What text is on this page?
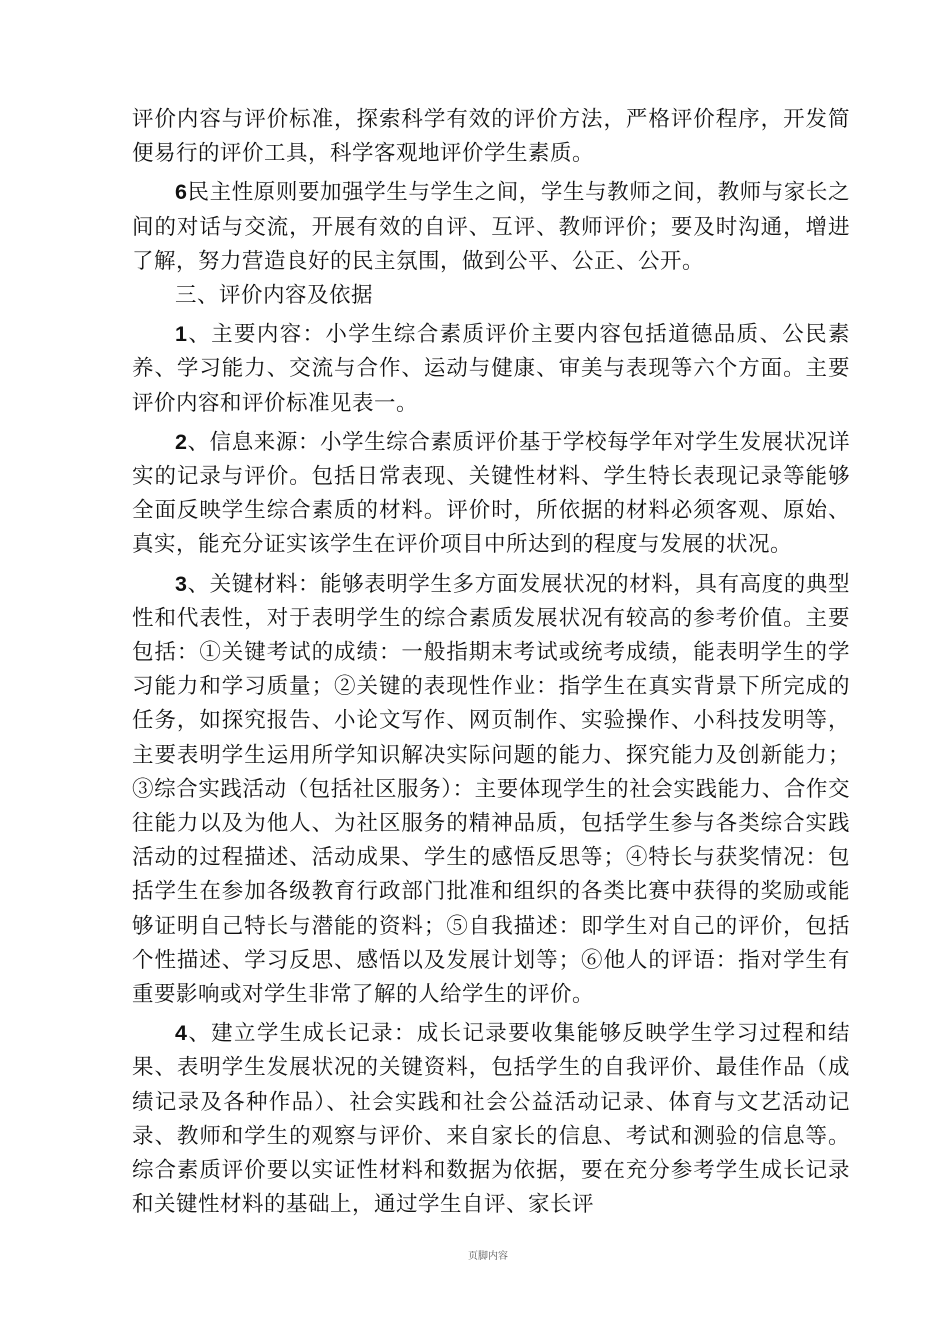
评价内容与评价标准，探索科学有效的评价方法，严格评价程序，开发简便易行的评价工具，科学客观地评价学生素质。

6民主性原则要加强学生与学生之间，学生与教师之间，教师与家长之间的对话与交流，开展有效的自评、互评、教师评价；要及时沟通，增进了解，努力营造良好的民主氛围，做到公平、公正、公开。

三、评价内容及依据

1、主要内容：小学生综合素质评价主要内容包括道德品质、公民素养、学习能力、交流与合作、运动与健康、审美与表现等六个方面。主要评价内容和评价标准见表一。

2、信息来源：小学生综合素质评价基于学校每学年对学生发展状况详实的记录与评价。包括日常表现、关键性材料、学生特长表现记录等能够全面反映学生综合素质的材料。评价时，所依据的材料必须客观、原始、真实，能充分证实该学生在评价项目中所达到的程度与发展的状况。

3、关键材料：能够表明学生多方面发展状况的材料，具有高度的典型性和代表性，对于表明学生的综合素质发展状况有较高的参考价值。主要包括：①关键考试的成绩：一般指期末考试或统考成绩，能表明学生的学习能力和学习质量；②关键的表现性作业：指学生在真实背景下所完成的任务，如探究报告、小论文写作、网页制作、实验操作、小科技发明等，主要表明学生运用所学知识解决实际问题的能力、探究能力及创新能力；③综合实践活动（包括社区服务）：主要体现学生的社会实践能力、合作交往能力以及为他人、为社区服务的精神品质，包括学生参与各类综合实践活动的过程描述、活动成果、学生的感悟反思等；④特长与获奖情况：包括学生在参加各级教育行政部门批准和组织的各类比赛中获得的奖励或能够证明自己特长与潜能的资料；⑤自我描述：即学生对自己的评价，包括个性描述、学习反思、感悟以及发展计划等；⑥他人的评语：指对学生有重要影响或对学生非常了解的人给学生的评价。

4、建立学生成长记录：成长记录要收集能够反映学生学习过程和结果、表明学生发展状况的关键资料，包括学生的自我评价、最佳作品（成绩记录及各种作品）、社会实践和社会公益活动记录、体育与文艺活动记录、教师和学生的观察与评价、来自家长的信息、考试和测验的信息等。综合素质评价要以实证性材料和数据为依据，要在充分参考学生成长记录和关键性材料的基础上，通过学生自评、家长评

页脚内容
